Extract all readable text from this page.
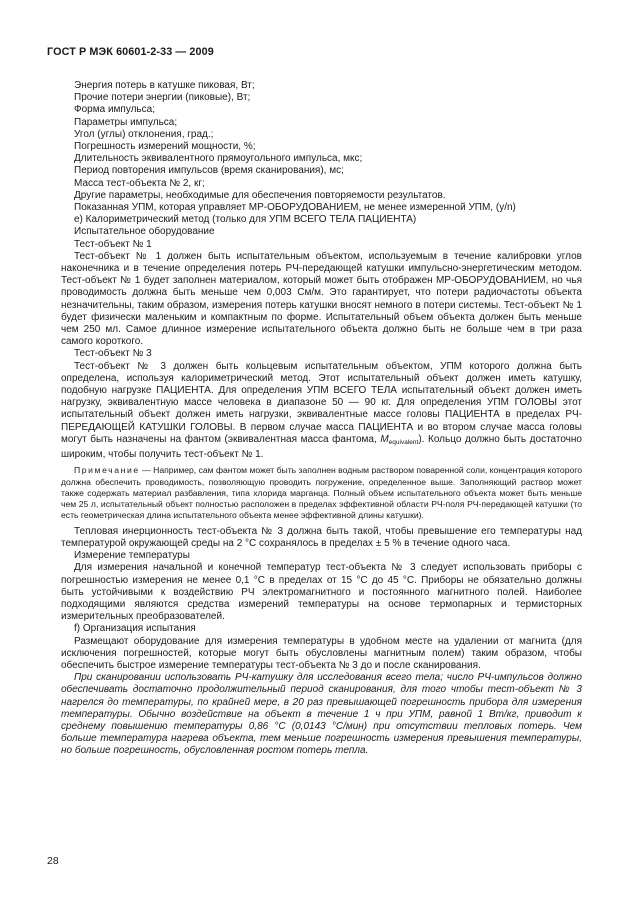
ГОСТ Р МЭК 60601-2-33 — 2009

Энергия потерь в катушке пиковая, Вт;

Прочие потери энергии (пиковые), Вт;

Форма импульса;

Параметры импульса;

Угол (углы) отклонения, град.;

Погрешность измерений мощности, %;

Длительность эквивалентного прямоугольного импульса, мкс;

Период повторения импульсов (время сканирования), мс;

Масса тест-объекта № 2, кг;

Другие параметры, необходимые для обеспечения повторяемости результатов.

Показанная УПМ, которая управляет МР-ОБОРУДОВАНИЕМ, не менее измеренной УПМ, (у/n)

е) Калориметрический метод (только для УПМ ВСЕГО ТЕЛА ПАЦИЕНТА)

Испытательное оборудование

Тест-объект № 1

Тест-объект № 1 должен быть испытательным объектом, используемым в течение калибровки углов наконечника и в течение определения потерь РЧ-передающей катушки импульсно-энергетическим методом. Тест-объект № 1 будет заполнен материалом, который может быть отображен МР-ОБОРУДОВАНИЕМ, но чья проводимость должна быть меньше чем 0,003 См/м. Это гарантирует, что потери радиочастоты объекта незначительны, таким образом, измерения потерь катушки вносят немного в потери системы. Тест-объект № 1 будет физически маленьким и компактным по форме. Испытательный объем объекта должен быть меньше чем 250 мл. Самое длинное измерение испытательного объекта должно быть не больше чем в три раза самого короткого.

Тест-объект № 3

Тест-объект № 3 должен быть кольцевым испытательным объектом, УПМ которого должна быть определена, используя калориметрический метод. Этот испытательный объект должен иметь катушку, подобную нагрузке ПАЦИЕНТА. Для определения УПМ ВСЕГО ТЕЛА испытательный объект должен иметь нагрузку, эквивалентную массе человека в диапазоне 50 — 90 кг. Для определения УПМ ГОЛОВЫ этот испытательный объект должен иметь нагрузки, эквивалентные массе головы ПАЦИЕНТА в пределах РЧ-ПЕРЕДАЮЩЕЙ КАТУШКИ ГОЛОВЫ. В первом случае масса ПАЦИЕНТА и во втором случае масса головы могут быть назначены на фантом (эквивалентная масса фантома, $M_{equivalent}$). Кольцо должно быть достаточно широким, чтобы получить тест-объект № 1.

Примечание — Например, сам фантом может быть заполнен водным раствором поваренной соли, концентрация которого должна обеспечить проводимость, позволяющую проводить погружение, определенное выше. Заполняющий раствор может также содержать материал разбавления, типа хлорида марганца. Полный объем испытательного объекта может быть меньше чем 25 л, испытательный объект полностью расположен в пределах эффективной области РЧ-поля РЧ-передающей катушки (то есть геометрическая длина испытательного объекта менее эффективной длины катушки).

Тепловая инерционность тест-объекта № 3 должна быть такой, чтобы превышение его температуры над температурой окружающей среды на 2 °С сохранялось в пределах ± 5 % в течение одного часа.

Измерение температуры

Для измерения начальной и конечной температур тест-объекта № 3 следует использовать приборы с погрешностью измерения не менее 0,1 °С в пределах от 15 °С до 45 °С. Приборы не обязательно должны быть устойчивыми к воздействию РЧ электромагнитного и постоянного магнитного полей. Наиболее подходящими являются средства измерений температуры на основе термопарных и термисторных измерительных преобразователей.

f) Организация испытания

Размещают оборудование для измерения температуры в удобном месте на удалении от магнита (для исключения погрешностей, которые могут быть обусловлены магнитным полем) таким образом, чтобы обеспечить быстрое измерение температуры тест-объекта № 3 до и после сканирования.

При сканировании использовать РЧ-катушку для исследования всего тела; число РЧ-импульсов должно обеспечивать достаточно продолжительный период сканирования, для того чтобы тест-объект № 3 нагрелся до температуры, по крайней мере, в 20 раз превышающей погрешность прибора для измерения температуры. Обычно воздействие на объект в течение 1 ч при УПМ, равной 1 Вт/кг, приводит к среднему повышению температуры 0,86 °С (0,0143 °С/мин) при отсутствии тепловых потерь. Чем больше температура нагрева объекта, тем меньше погрешность измерения превышения температуры, но больше погрешность, обусловленная ростом потерь тепла.

28
